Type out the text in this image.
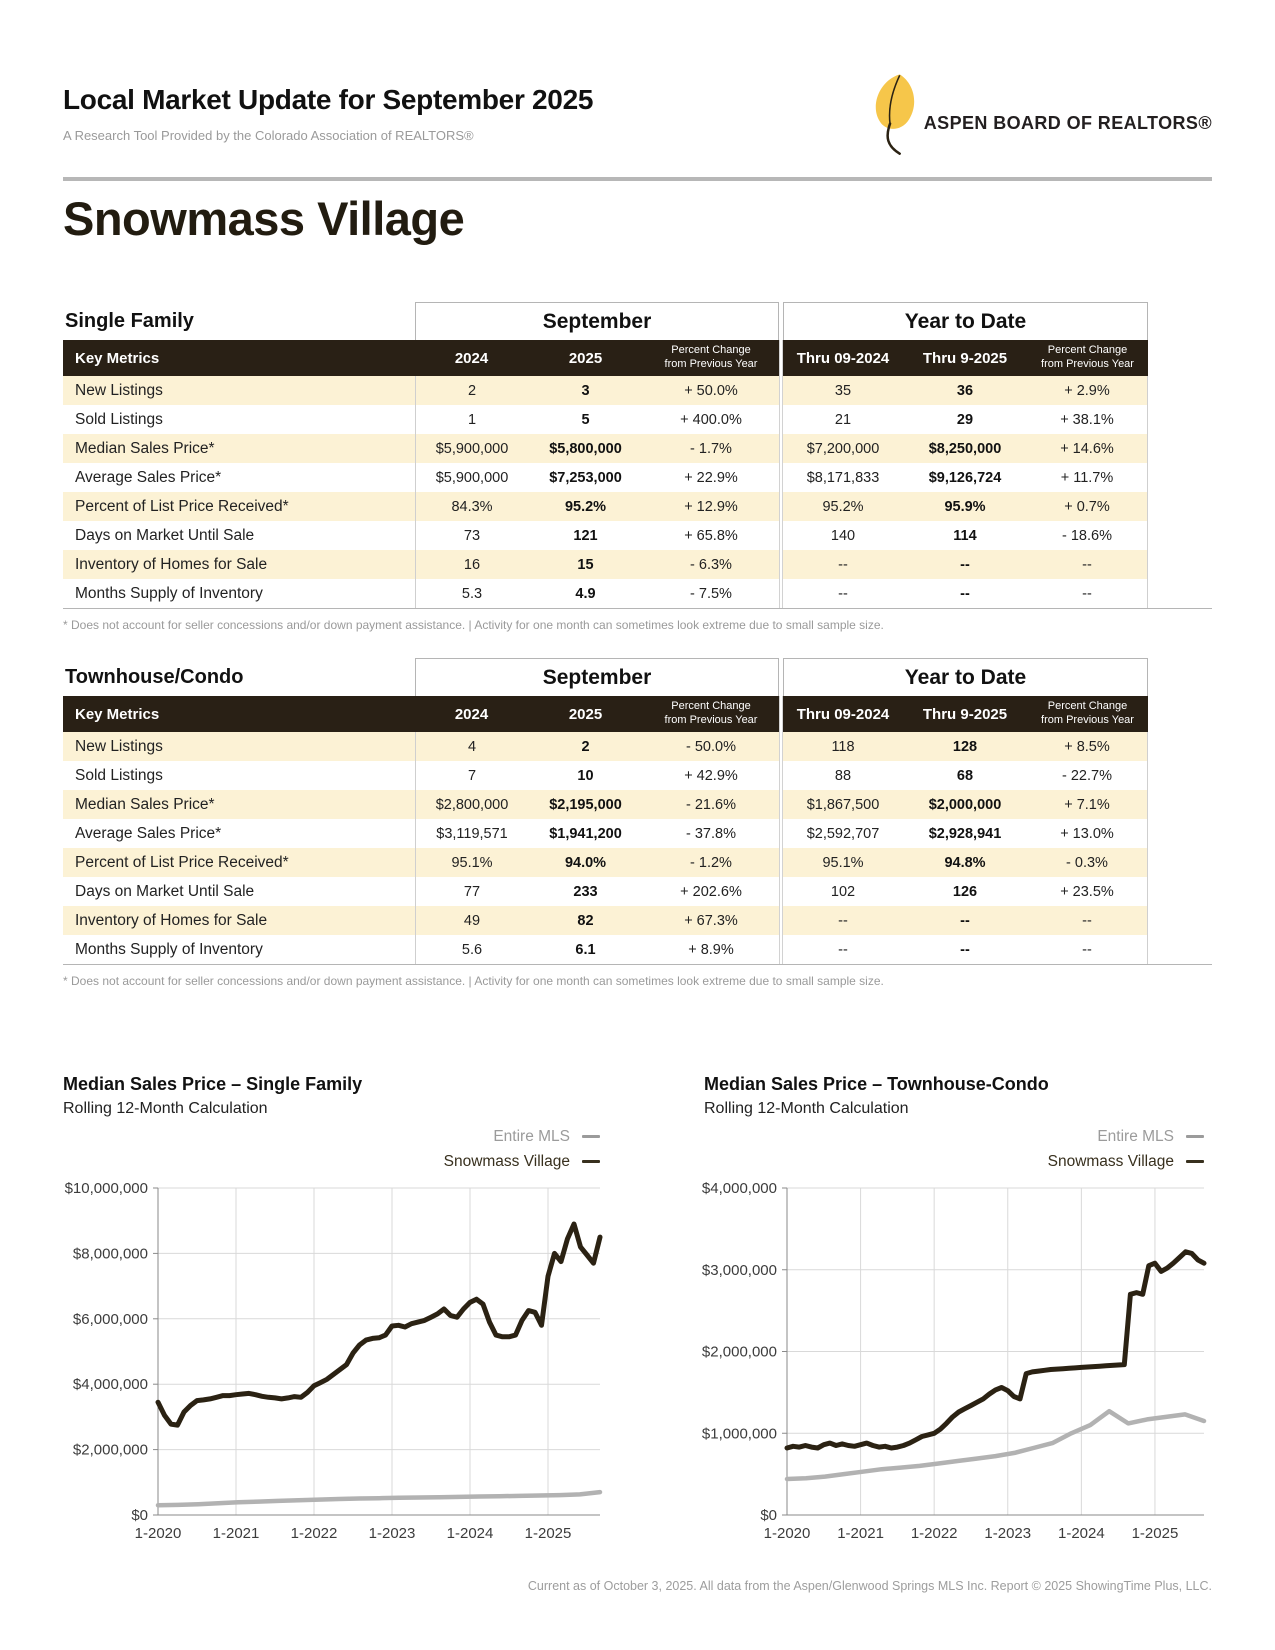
Local Market Update for September 2025
A Research Tool Provided by the Colorado Association of REALTORS®
ASPEN BOARD OF REALTORS®
Snowmass Village
Single Family	September	Year to Date
Key Metrics	2024	2025	Percent Change
from Previous Year	Thru 09-2024	Thru 9-2025	Percent Change
from Previous Year
New Listings	2	3	+ 50.0%	35	36	+ 2.9%
Sold Listings	1	5	+ 400.0%	21	29	+ 38.1%
Median Sales Price*	$5,900,000	$5,800,000	- 1.7%	$7,200,000	$8,250,000	+ 14.6%
Average Sales Price*	$5,900,000	$7,253,000	+ 22.9%	$8,171,833	$9,126,724	+ 11.7%
Percent of List Price Received*	84.3%	95.2%	+ 12.9%	95.2%	95.9%	+ 0.7%
Days on Market Until Sale	73	121	+ 65.8%	140	114	- 18.6%
Inventory of Homes for Sale	16	15	- 6.3%	--	--	--
Months Supply of Inventory	5.3	4.9	- 7.5%	--	--	--
* Does not account for seller concessions and/or down payment assistance. | Activity for one month can sometimes look extreme due to small sample size.
Townhouse/Condo	September	Year to Date
Key Metrics	2024	2025	Percent Change
from Previous Year	Thru 09-2024	Thru 9-2025	Percent Change
from Previous Year
New Listings	4	2	- 50.0%	118	128	+ 8.5%
Sold Listings	7	10	+ 42.9%	88	68	- 22.7%
Median Sales Price*	$2,800,000	$2,195,000	- 21.6%	$1,867,500	$2,000,000	+ 7.1%
Average Sales Price*	$3,119,571	$1,941,200	- 37.8%	$2,592,707	$2,928,941	+ 13.0%
Percent of List Price Received*	95.1%	94.0%	- 1.2%	95.1%	94.8%	- 0.3%
Days on Market Until Sale	77	233	+ 202.6%	102	126	+ 23.5%
Inventory of Homes for Sale	49	82	+ 67.3%	--	--	--
Months Supply of Inventory	5.6	6.1	+ 8.9%	--	--	--
* Does not account for seller concessions and/or down payment assistance. | Activity for one month can sometimes look extreme due to small sample size.
Median Sales Price – Single Family
Rolling 12-Month Calculation
Entire MLS
Snowmass Village
$0
$2,000,000
$4,000,000
$6,000,000
$8,000,000
$10,000,000
1-2020 1-2021 1-2022 1-2023 1-2024 1-2025
Median Sales Price – Townhouse-Condo
Rolling 12-Month Calculation
Entire MLS
Snowmass Village
$0
$1,000,000
$2,000,000
$3,000,000
$4,000,000
1-2020 1-2021 1-2022 1-2023 1-2024 1-2025
Current as of October 3, 2025. All data from the Aspen/Glenwood Springs MLS Inc. Report © 2025 ShowingTime Plus, LLC.
